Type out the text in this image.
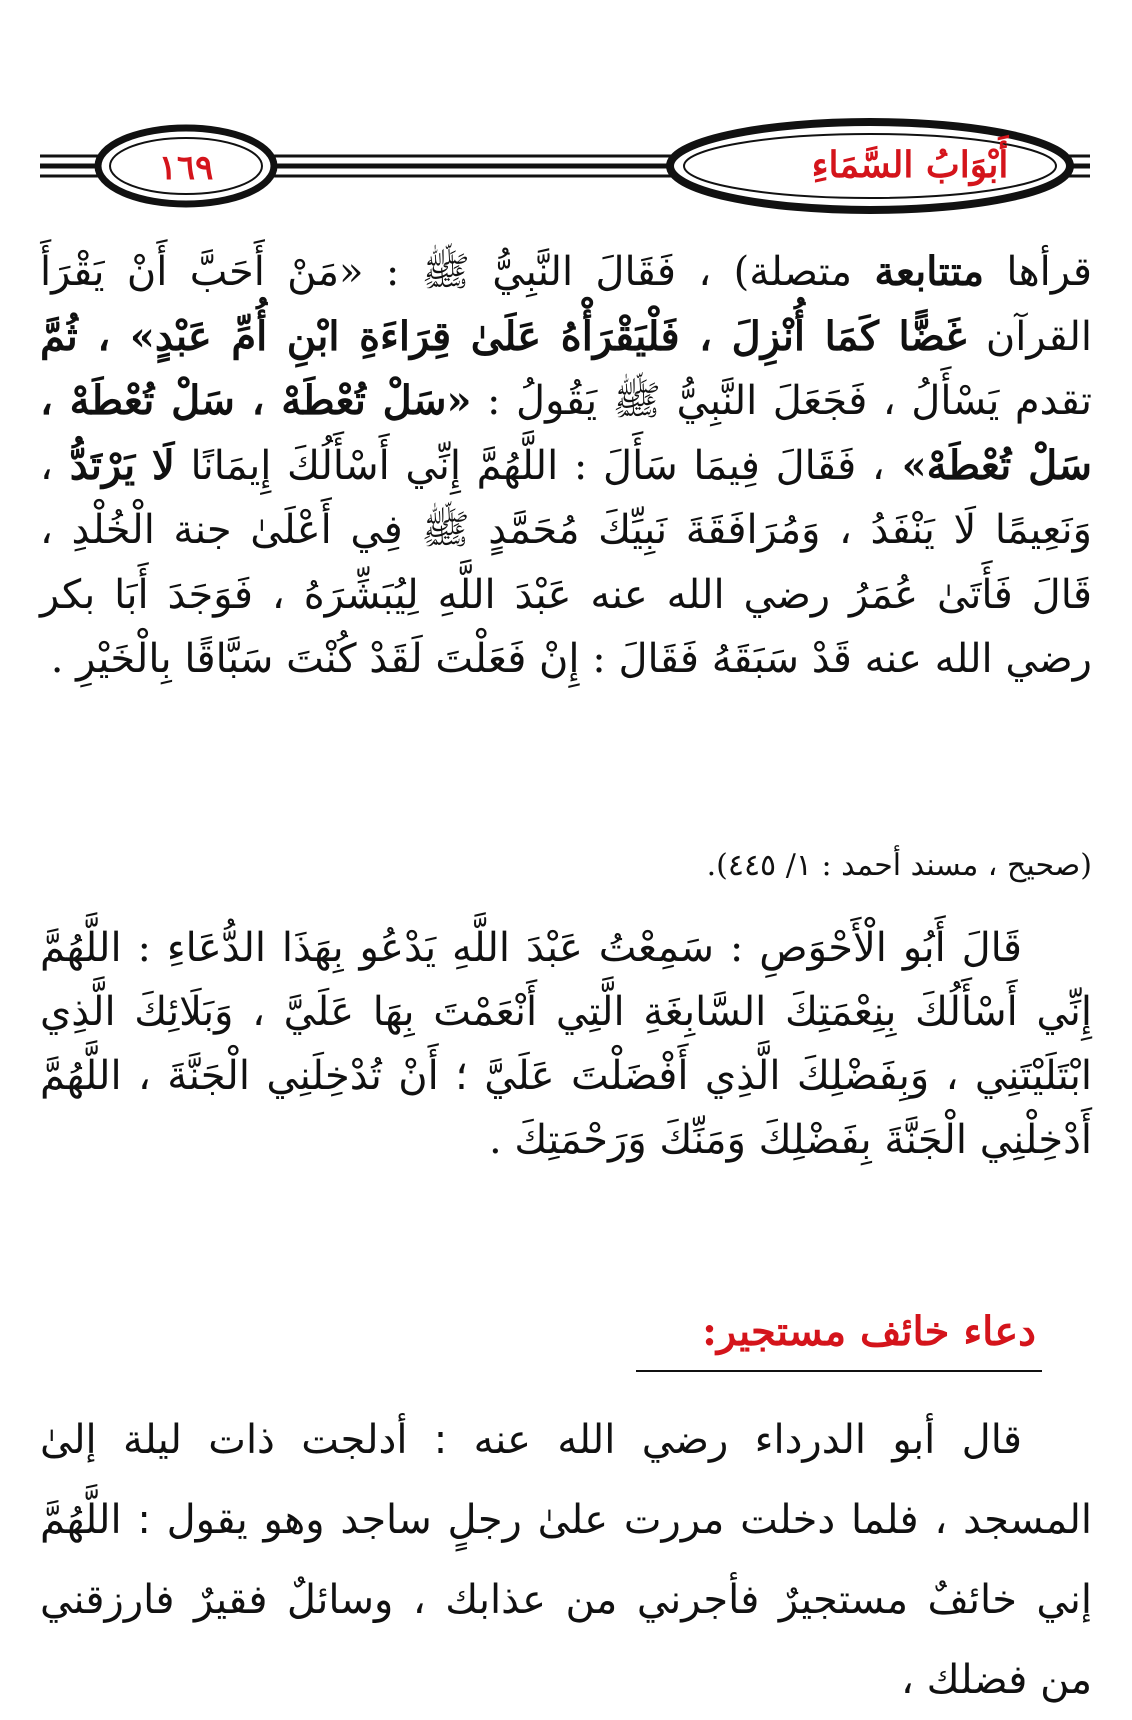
١٦٩	أَبْوَابُ السَّمَاءِ

قرأها متتابعة متصلة) ، فَقَالَ النَّبِيُّ ﷺ : «مَنْ أَحَبَّ أَنْ يَقْرَأَ القرآن غَضًّا كَمَا أُنْزِلَ ، فَلْيَقْرَأْهُ عَلَىٰ قِرَاءَةِ ابْنِ أُمِّ عَبْدٍ» ، ثُمَّ تقدم يَسْأَلُ ، فَجَعَلَ النَّبِيُّ ﷺ يَقُولُ : «سَلْ تُعْطَهْ ، سَلْ تُعْطَهْ ، سَلْ تُعْطَهْ» ، فَقَالَ فِيمَا سَأَلَ : اللَّهُمَّ إِنِّي أَسْأَلُكَ إِيمَانًا لَا يَرْتَدُّ ، وَنَعِيمًا لَا يَنْفَدُ ، وَمُرَافَقَةَ نَبِيِّكَ مُحَمَّدٍ ﷺ فِي أَعْلَىٰ جنة الْخُلْدِ ، قَالَ فَأَتَىٰ عُمَرُ رضي الله عنه عَبْدَ اللَّهِ لِيُبَشِّرَهُ ، فَوَجَدَ أَبَا بكر رضي الله عنه قَدْ سَبَقَهُ فَقَالَ : إِنْ فَعَلْتَ لَقَدْ كُنْتَ سَبَّاقًا بِالْخَيْرِ .

(صحيح ، مسند أحمد : ١/ ٤٤٥).

قَالَ أَبُو الْأَحْوَصِ : سَمِعْتُ عَبْدَ اللَّهِ يَدْعُو بِهَذَا الدُّعَاءِ : اللَّهُمَّ إِنِّي أَسْأَلُكَ بِنِعْمَتِكَ السَّابِغَةِ الَّتِي أَنْعَمْتَ بِهَا عَلَيَّ ، وَبَلَائِكَ الَّذِي ابْتَلَيْتَنِي ، وَبِفَضْلِكَ الَّذِي أَفْضَلْتَ عَلَيَّ ؛ أَنْ تُدْخِلَنِي الْجَنَّةَ ، اللَّهُمَّ أَدْخِلْنِي الْجَنَّةَ بِفَضْلِكَ وَمَنِّكَ وَرَحْمَتِكَ .

دعاء خائف مستجير:

قال أبو الدرداء رضي الله عنه : أدلجت ذات ليلة إلىٰ المسجد ، فلما دخلت مررت علىٰ رجلٍ ساجد وهو يقول : اللَّهُمَّ إني خائفٌ مستجيرٌ فأجرني من عذابك ، وسائلٌ فقيرٌ فارزقني من فضلك ،
